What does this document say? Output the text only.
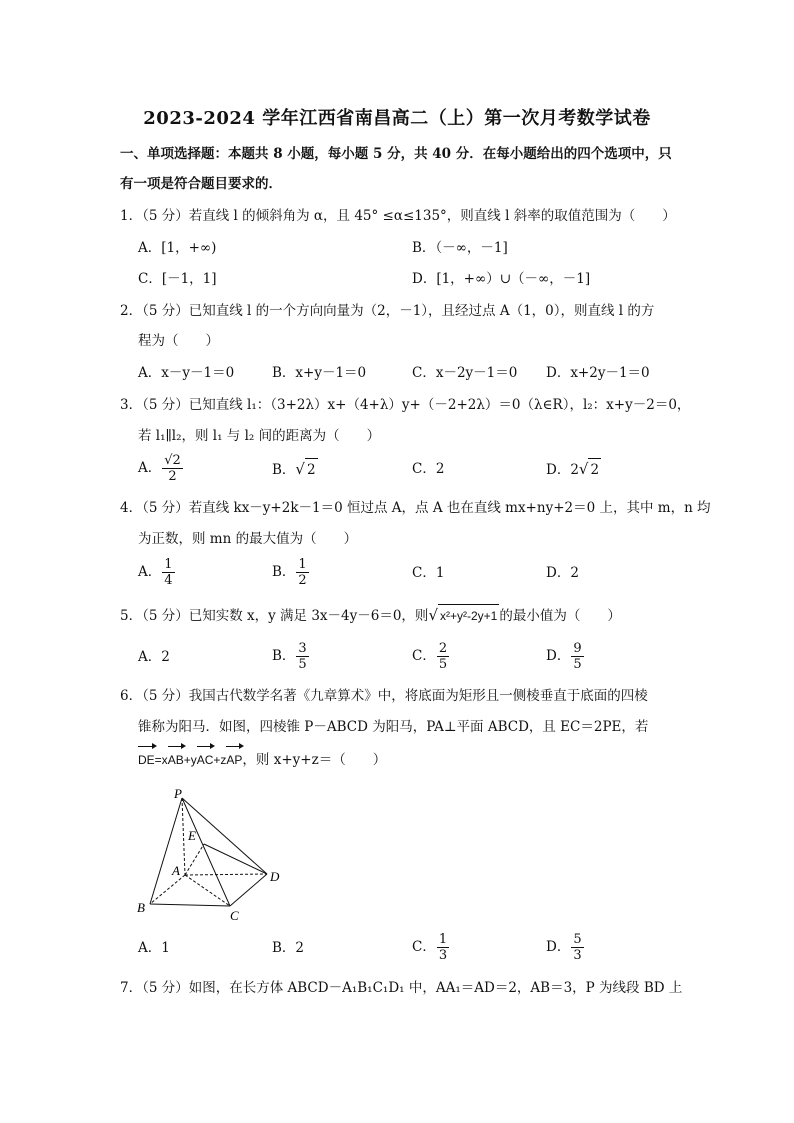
2023-2024 学年江西省南昌高二（上）第一次月考数学试卷
一、单项选择题：本题共 8 小题，每小题 5 分，共 40 分．在每小题给出的四个选项中，只
有一项是符合题目要求的．
1．（5 分）若直线 l 的倾斜角为 α，且 45° ≤α≤135°，则直线 l 斜率的取值范围为（　　）
A．[1，+∞)	B．（－∞，－1]
C．[－1，1]	D．[1，+∞）∪（－∞，－1]
2．（5 分）已知直线 l 的一个方向向量为（2，－1），且经过点 A（1，0），则直线 l 的方
程为（　　）
A．x－y－1＝0	B．x+y－1＝0	C．x－2y－1＝0 D．x+2y－1＝0
3．（5 分）已知直线 l₁：（3+2λ）x+（4+λ）y+（－2+2λ）＝0（λ∈R），l₂：x+y－2＝0，
若 l₁∥l₂，则 l₁ 与 l₂ 间的距离为（　　）
A． $\frac{√2}{2}$	B．√ 2	C．2	D．2√ 2
4．（5 分）若直线 kx－y+2k－1＝0 恒过点 A，点 A 也在直线 mx+ny+2＝0 上，其中 m，n 均
为正数，则 mn 的最大值为（　　）
A． $\frac{1}{4}$	B． $\frac{1}{2}$	C．1	D．2
5．（5 分）已知实数 x，y 满足 3x－4y－6＝0，则√ x²+y²-2y+1 的最小值为（　　）
A．2	B． $\frac{3}{5}$	C． $\frac{2}{5}$	D． $\frac{9}{5}$
6．（5 分）我国古代数学名著《九章算术》中，将底面为矩形且一侧棱垂直于底面的四棱
锥称为阳马．如图，四棱锥 P－ABCD 为阳马，PA⊥平面 ABCD，且 EC＝2PE，若
DE=xAB+yAC+zAP，则 x+y+z＝（　　）
P
E
A	D
B
C
A．1	B．2	C． $\frac{1}{3}$	D． $\frac{5}{3}$
7．（5 分）如图，在长方体 ABCD－A₁B₁C₁D₁ 中，AA₁＝AD＝2，AB＝3，P 为线段 BD 上
